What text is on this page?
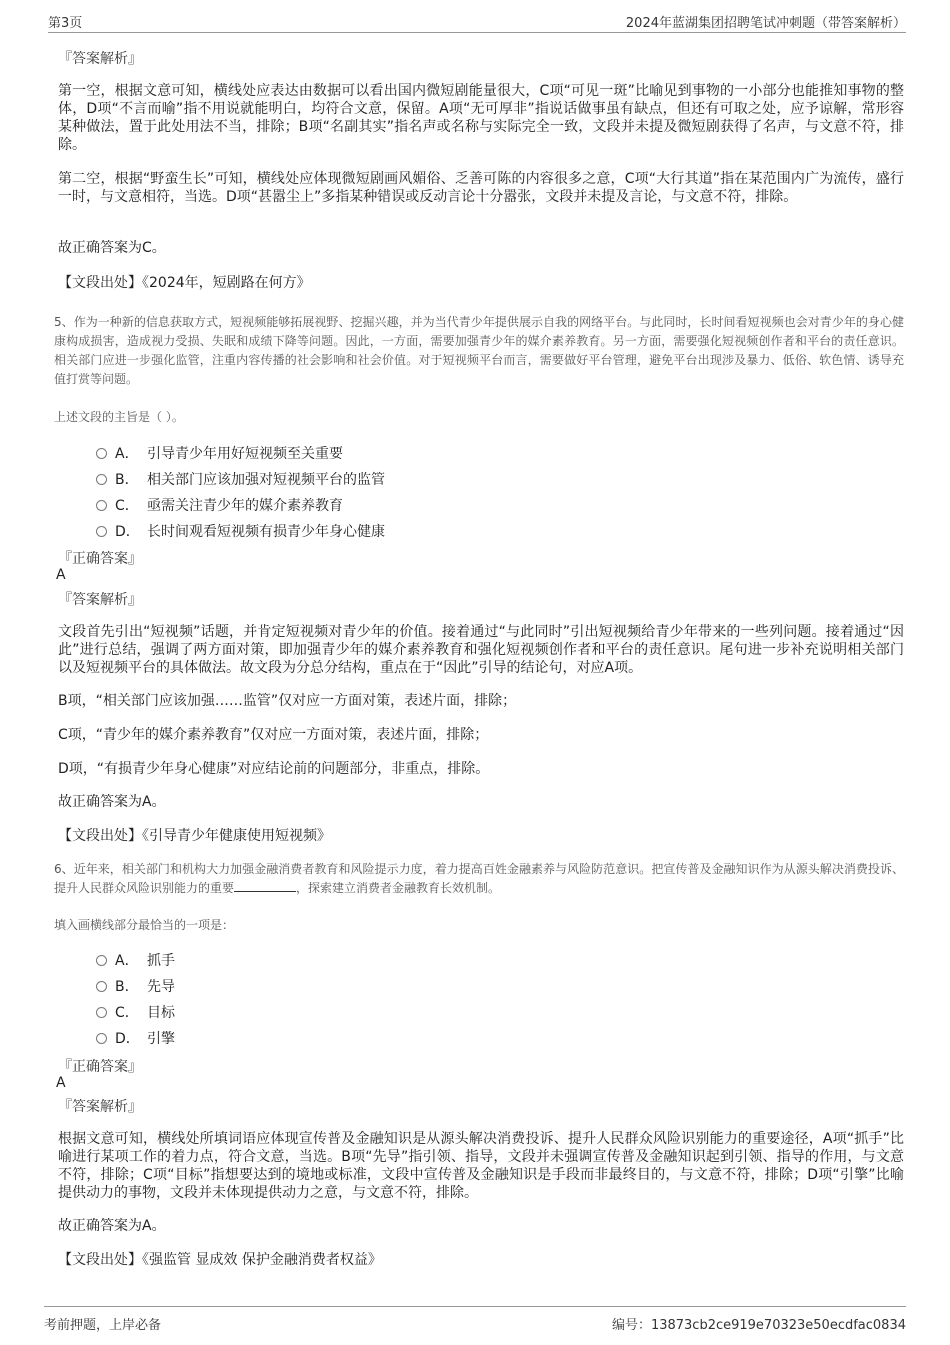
第3页	2024年蓝湖集团招聘笔试冲刺题（带答案解析）
『答案解析』

第一空，根据文意可知，横线处应表达由数据可以看出国内微短剧能量很大，C项“可见一斑”比喻见到事物的一小部分也能推知事物的整体，D项“不言而喻”指不用说就能明白，均符合文意，保留。A项“无可厚非”指说话做事虽有缺点，但还有可取之处，应予谅解，常形容某种做法，置于此处用法不当，排除；B项“名副其实”指名声或名称与实际完全一致，文段并未提及微短剧获得了名声，与文意不符，排除。

第二空，根据“野蛮生长”可知，横线处应体现微短剧画风媚俗、乏善可陈的内容很多之意，C项“大行其道”指在某范围内广为流传，盛行一时，与文意相符，当选。D项“甚嚣尘上”多指某种错误或反动言论十分嚣张，文段并未提及言论，与文意不符，排除。

故正确答案为C。

【文段出处】《2024年，短剧路在何方》

5、作为一种新的信息获取方式，短视频能够拓展视野、挖掘兴趣，并为当代青少年提供展示自我的网络平台。与此同时，长时间看短视频也会对青少年的身心健康构成损害，造成视力受损、失眠和成绩下降等问题。因此，一方面，需要加强青少年的媒介素养教育。另一方面，需要强化短视频创作者和平台的责任意识。相关部门应进一步强化监管，注重内容传播的社会影响和社会价值。对于短视频平台而言，需要做好平台管理，避免平台出现涉及暴力、低俗、软色情、诱导充值打赏等问题。

上述文段的主旨是（ ）。

A． 引导青少年用好短视频至关重要
B． 相关部门应该加强对短视频平台的监管
C． 亟需关注青少年的媒介素养教育
D． 长时间观看短视频有损青少年身心健康
『正确答案』
A
『答案解析』

文段首先引出“短视频”话题，并肯定短视频对青少年的价值。接着通过“与此同时”引出短视频给青少年带来的一些列问题。接着通过“因此”进行总结，强调了两方面对策，即加强青少年的媒介素养教育和强化短视频创作者和平台的责任意识。尾句进一步补充说明相关部门以及短视频平台的具体做法。故文段为分总分结构，重点在于“因此”引导的结论句，对应A项。

B项，“相关部门应该加强……监管”仅对应一方面对策，表述片面，排除；

C项，“青少年的媒介素养教育”仅对应一方面对策，表述片面，排除；

D项，“有损青少年身心健康”对应结论前的问题部分，非重点，排除。

故正确答案为A。

【文段出处】《引导青少年健康使用短视频》

6、近年来，相关部门和机构大力加强金融消费者教育和风险提示力度，着力提高百姓金融素养与风险防范意识。把宣传普及金融知识作为从源头解决消费投诉、提升人民群众风险识别能力的重要	，探索建立消费者金融教育长效机制。

填入画横线部分最恰当的一项是：

A． 抓手
B． 先导
C． 目标
D． 引擎
『正确答案』
A
『答案解析』

根据文意可知，横线处所填词语应体现宣传普及金融知识是从源头解决消费投诉、提升人民群众风险识别能力的重要途径，A项“抓手”比喻进行某项工作的着力点，符合文意，当选。B项“先导”指引领、指导，文段并未强调宣传普及金融知识起到引领、指导的作用，与文意不符，排除；C项“目标”指想要达到的境地或标准，文段中宣传普及金融知识是手段而非最终目的，与文意不符，排除；D项“引擎”比喻提供动力的事物，文段并未体现提供动力之意，与文意不符，排除。

故正确答案为A。

【文段出处】《强监管 显成效 保护金融消费者权益》

考前押题，上岸必备	编号：13873cb2ce919e70323e50ecdfac0834
